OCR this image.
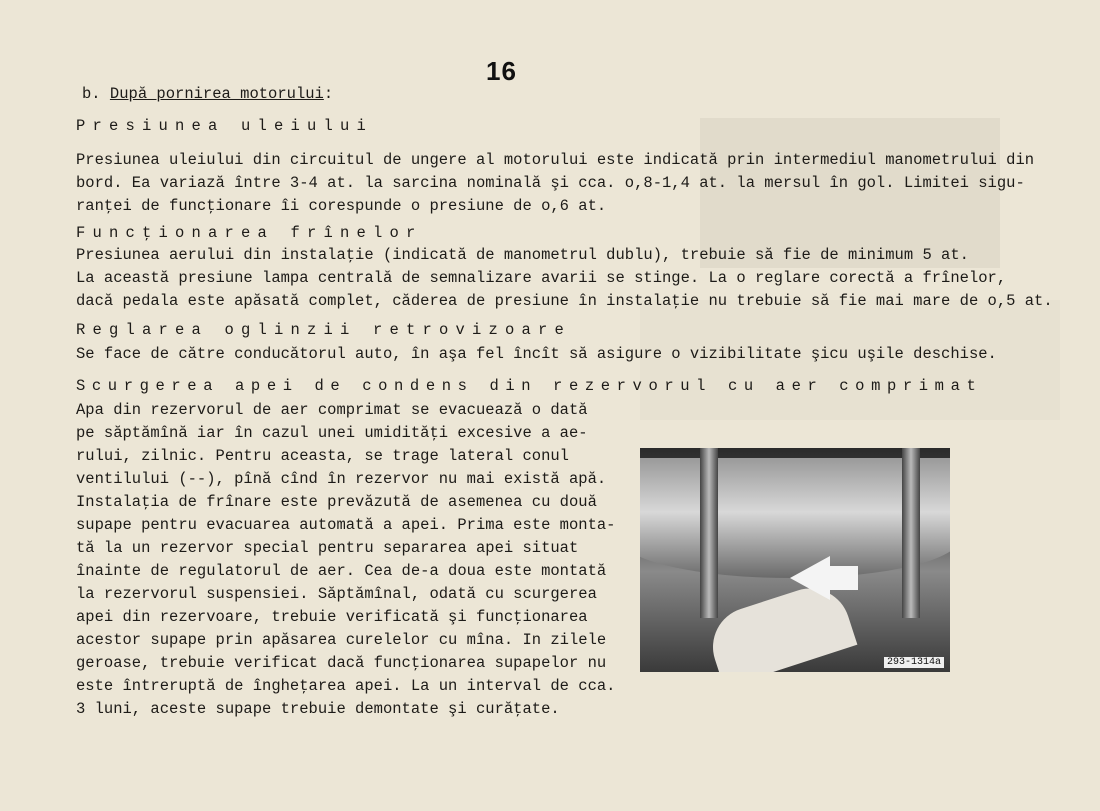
16
b. După pornirea motorului:
Presiunea uleiului
Presiunea uleiului din circuitul de ungere al motorului este indicată prin intermediul manometrului din
bord. Ea variază între 3-4 at. la sarcina nominală şi cca. o,8-1,4 at. la mersul în gol. Limitei sigu-
ranţei de funcţionare îi corespunde o presiune de o,6 at.
Funcţionarea frînelor
Presiunea aerului din instalaţie (indicată de manometrul dublu), trebuie să fie de minimum 5 at.
La această presiune lampa centrală de semnalizare avarii se stinge. La o reglare corectă a frînelor,
dacă pedala este apăsată complet, căderea de presiune în instalaţie nu trebuie să fie mai mare de o,5 at.
Reglarea oglinzii retrovizoare
Se face de către conducătorul auto, în aşa fel încît să asigure o vizibilitate şicu uşile deschise.
Scurgerea apei de condens din rezervorul cu aer comprimat
Apa din rezervorul de aer comprimat se evacuează o dată
pe săptămînă iar în cazul unei umidităţi excesive a ae-
rului, zilnic. Pentru aceasta, se trage lateral conul
ventilului (--), pînă cînd în rezervor nu mai există apă.
Instalaţia de frînare este prevăzută de asemenea cu două
supape pentru evacuarea automată a apei. Prima este monta-
tă la un rezervor special pentru separarea apei situat
înainte de regulatorul de aer. Cea de-a doua este montată
la rezervorul suspensiei. Săptămînal, odată cu scurgerea
apei din rezervoare, trebuie verificată şi funcţionarea
acestor supape prin apăsarea curelelor cu mîna. In zilele
geroase, trebuie verificat dacă funcţionarea supapelor nu
este întreruptă de îngheţarea apei. La un interval de cca.
3 luni, aceste supape trebuie demontate şi curăţate.
293-1314a
